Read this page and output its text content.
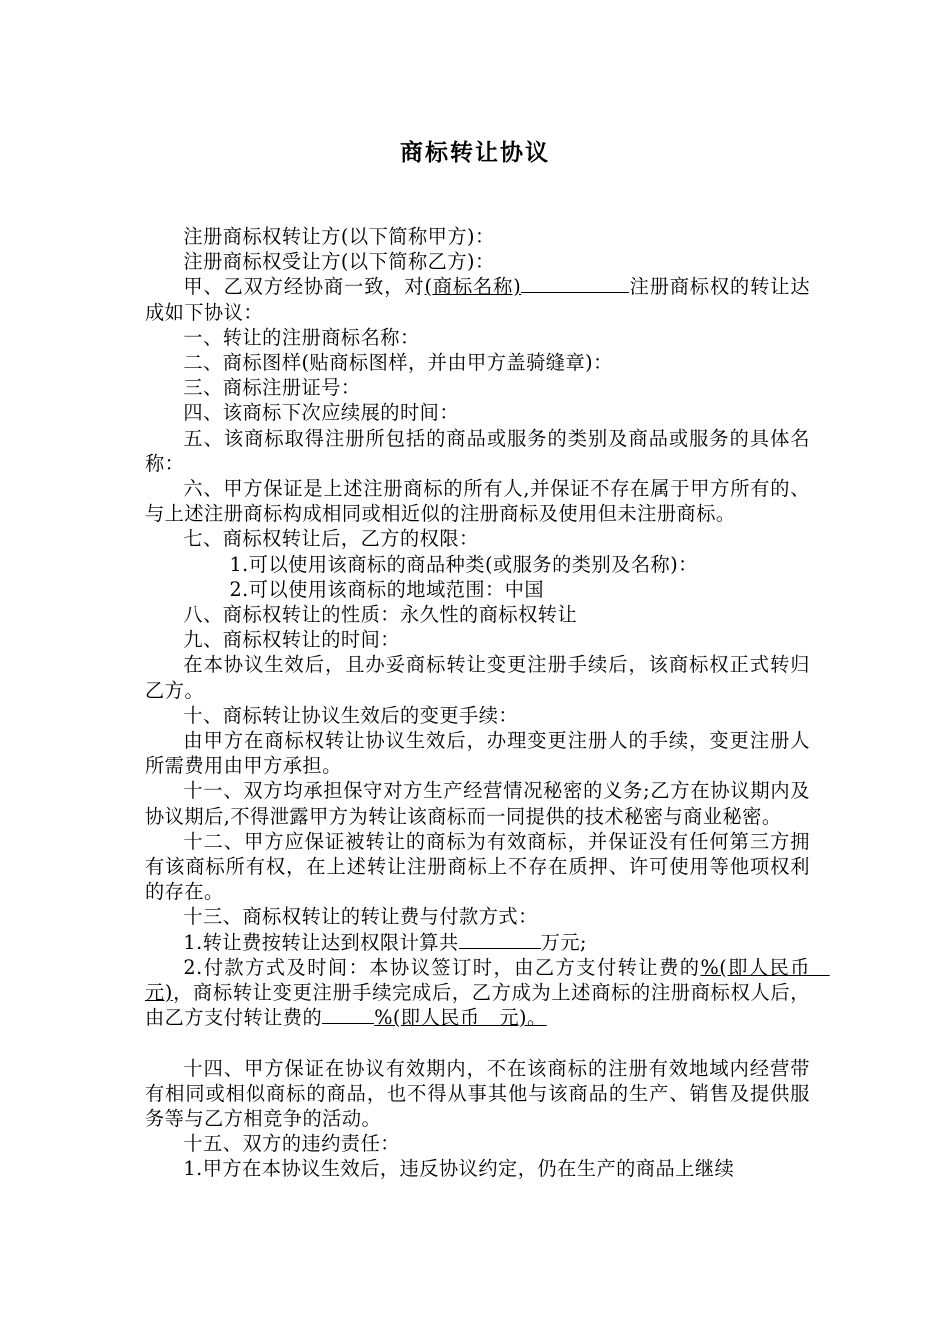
商标转让协议

注册商标权转让方(以下简称甲方)：

注册商标权受让方(以下简称乙方)：

甲、乙双方经协商一致，对(商标名称)	注册商标权的转让达成如下协议：

一、转让的注册商标名称：

二、商标图样(贴商标图样，并由甲方盖骑缝章)：

三、商标注册证号：

四、该商标下次应续展的时间：

五、该商标取得注册所包括的商品或服务的类别及商品或服务的具体名称：

六、甲方保证是上述注册商标的所有人,并保证不存在属于甲方所有的、与上述注册商标构成相同或相近似的注册商标及使用但未注册商标。

七、商标权转让后，乙方的权限：

1.可以使用该商标的商品种类(或服务的类别及名称)：

2.可以使用该商标的地域范围：中国

八、商标权转让的性质：永久性的商标权转让

九、商标权转让的时间：

在本协议生效后，且办妥商标转让变更注册手续后，该商标权正式转归乙方。

十、商标转让协议生效后的变更手续：

由甲方在商标权转让协议生效后，办理变更注册人的手续，变更注册人所需费用由甲方承担。

十一、双方均承担保守对方生产经营情况秘密的义务;乙方在协议期内及协议期后,不得泄露甲方为转让该商标而一同提供的技术秘密与商业秘密。

十二、甲方应保证被转让的商标为有效商标，并保证没有任何第三方拥有该商标所有权，在上述转让注册商标上不存在质押、许可使用等他项权利的存在。

十三、商标权转让的转让费与付款方式：

1.转让费按转让达到权限计算共	万元;

2.付款方式及时间：本协议签订时，由乙方支付转让费的%(即人民币　元)，商标转让变更注册手续完成后，乙方成为上述商标的注册商标权人后，由乙方支付转让费的	%(即人民币　元)。

十四、甲方保证在协议有效期内，不在该商标的注册有效地域内经营带有相同或相似商标的商品，也不得从事其他与该商品的生产、销售及提供服务等与乙方相竞争的活动。

十五、双方的违约责任：

1.甲方在本协议生效后，违反协议约定，仍在生产的商品上继续
